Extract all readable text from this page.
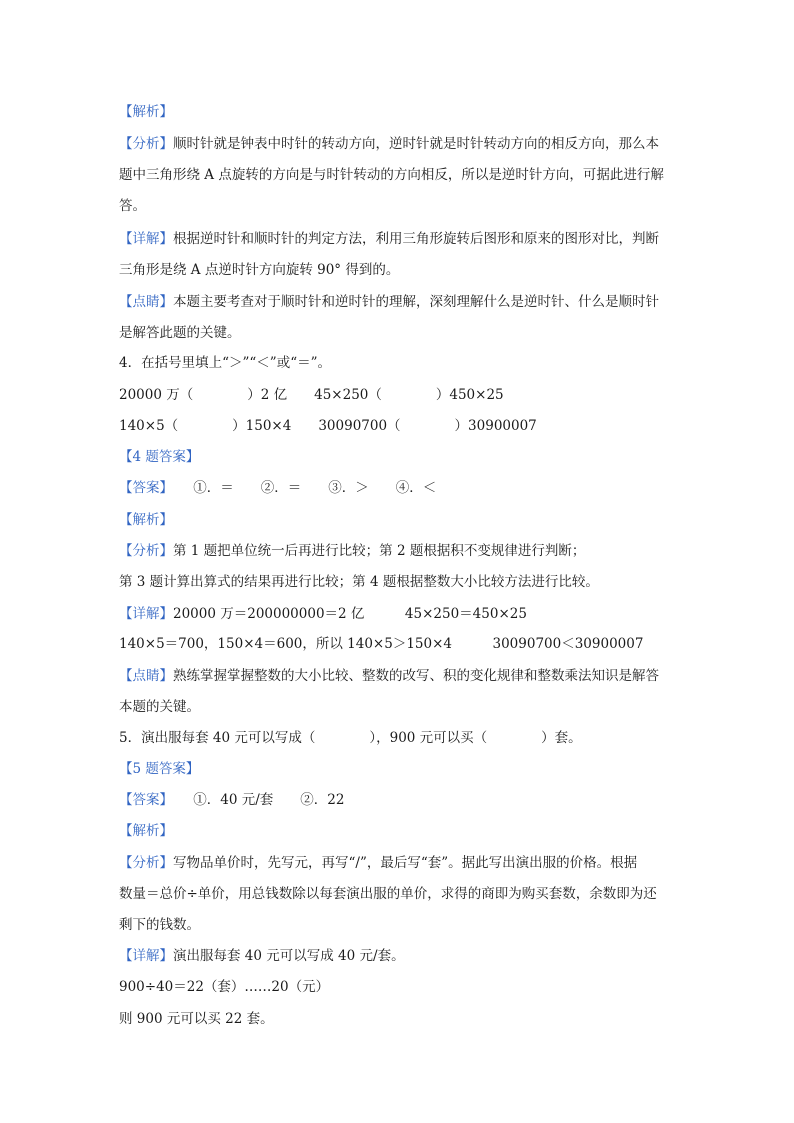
【解析】
【分析】顺时针就是钟表中时针的转动方向，逆时针就是时针转动方向的相反方向，那么本
题中三角形绕 A 点旋转的方向是与时针转动的方向相反，所以是逆时针方向，可据此进行解
答。
【详解】根据逆时针和顺时针的判定方法，利用三角形旋转后图形和原来的图形对比，判断
三角形是绕 A 点逆时针方向旋转 90° 得到的。
【点睛】本题主要考查对于顺时针和逆时针的理解，深刻理解什么是逆时针、什么是顺时针
是解答此题的关键。
4．在括号里填上“＞”“＜”或“＝”。
20000 万（　　　　）2 亿　　45×250（　　　　）450×25
140×5（　　　　）150×4　　30090700（　　　　）30900007
【4 题答案】
【答案】　　①．＝　　②．＝　　③．＞　　④．＜
【解析】
【分析】第 1 题把单位统一后再进行比较；第 2 题根据积不变规律进行判断；
第 3 题计算出算式的结果再进行比较；第 4 题根据整数大小比较方法进行比较。
【详解】20000 万＝200000000＝2 亿　　　45×250＝450×25
140×5＝700，150×4＝600，所以 140×5＞150×4　　　30090700＜30900007
【点睛】熟练掌握掌握整数的大小比较、整数的改写、积的变化规律和整数乘法知识是解答
本题的关键。
5．演出服每套 40 元可以写成（　　　　），900 元可以买（　　　　）套。
【5 题答案】
【答案】　　①．40 元/套　　②．22
【解析】
【分析】写物品单价时，先写元，再写“/”，最后写“套”。据此写出演出服的价格。根据
数量＝总价÷单价，用总钱数除以每套演出服的单价，求得的商即为购买套数，余数即为还
剩下的钱数。
【详解】演出服每套 40 元可以写成 40 元/套。
900÷40＝22（套）……20（元）
则 900 元可以买 22 套。
